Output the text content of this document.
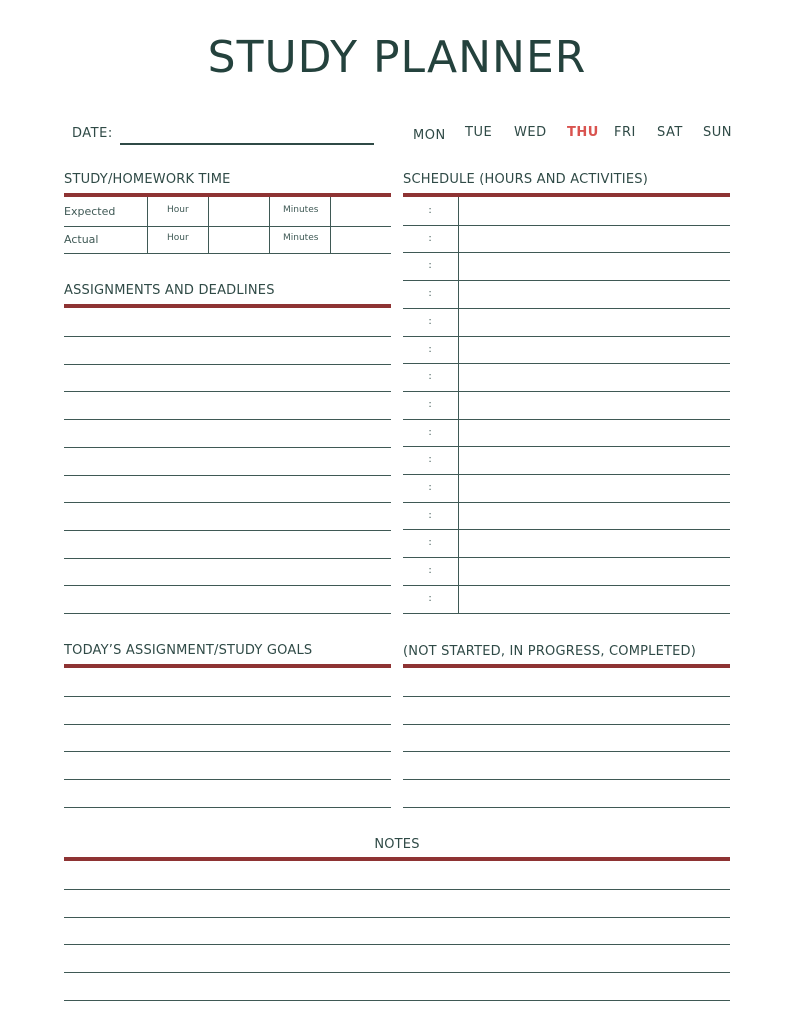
STUDY PLANNER
DATE:	MON TUE WED THU FRI SAT SUN
STUDY/HOMEWORK TIME
Expected	Hour	Minutes
Actual	Hour	Minutes
ASSIGNMENTS AND DEADLINES
SCHEDULE (HOURS AND ACTIVITIES)
:
:
:
:
:
:
:
:
:
:
:
:
:
:
:
TODAY’S ASSIGNMENT/STUDY GOALS	(NOT STARTED, IN PROGRESS, COMPLETED)
NOTES
